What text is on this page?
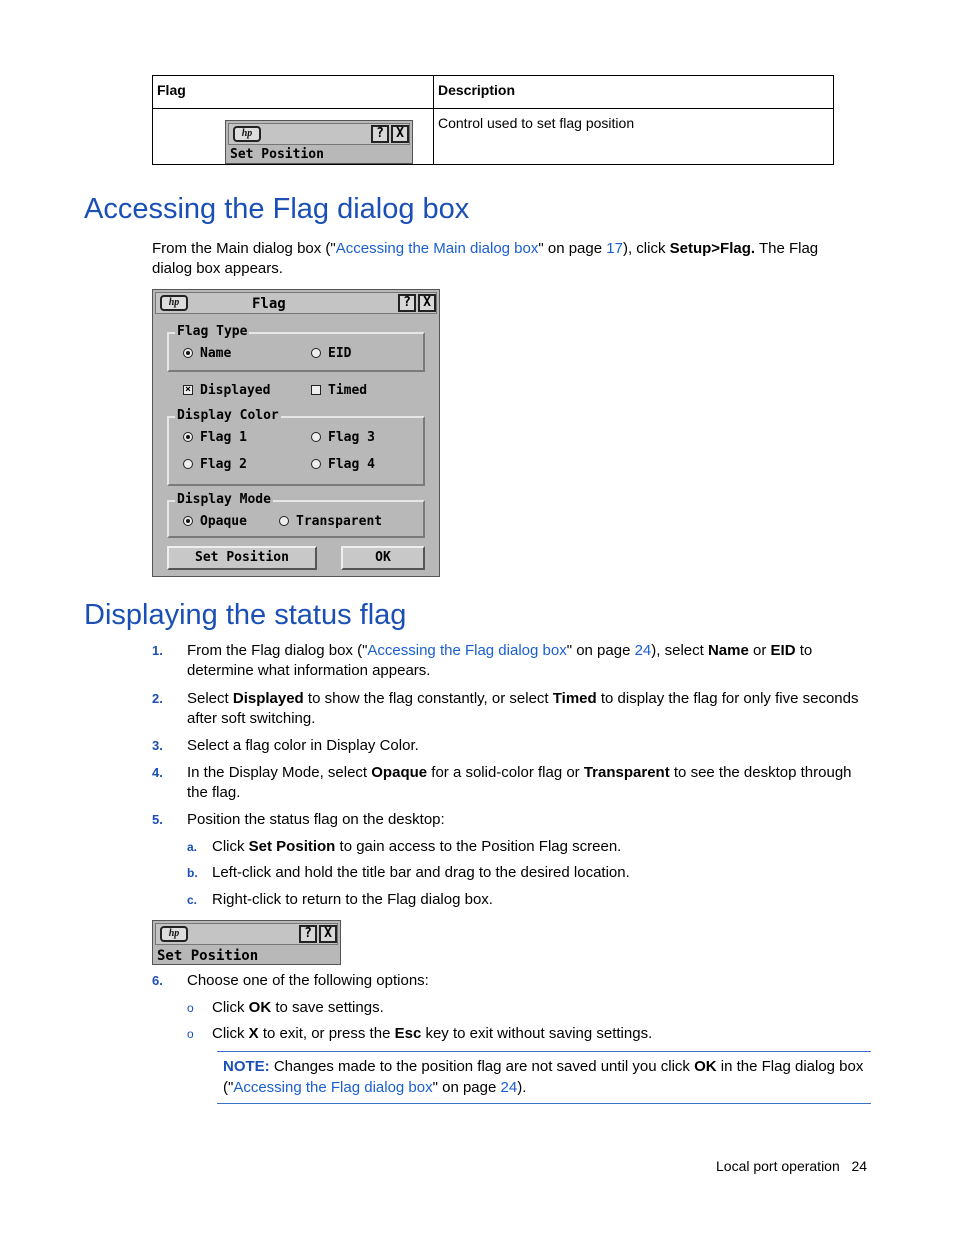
Flag	Description

hp ? X
Set Position	Control used to set flag position
Accessing the Flag dialog box

From the Main dialog box ("Accessing the Main dialog box" on page 17), click Setup>Flag. The Flag dialog box appears.

hp	Flag	? X
Flag Type
Name	EID
× Displayed	Timed
Display Color
Flag 1	Flag 3
Flag 2	Flag 4
Display Mode
Opaque	Transparent
Set Position	OK
Displaying the status flag
1. From the Flag dialog box ("Accessing the Flag dialog box" on page 24), select Name or EID to determine what information appears.
2. Select Displayed to show the flag constantly, or select Timed to display the flag for only five seconds after soft switching.
3. Select a flag color in Display Color.
4. In the Display Mode, select Opaque for a solid-color flag or Transparent to see the desktop through the flag.
5. Position the status flag on the desktop:
a. Click Set Position to gain access to the Position Flag screen.
b. Left-click and hold the title bar and drag to the desired location.
c. Right-click to return to the Flag dialog box.
hp	? X
Set Position
6. Choose one of the following options:
o Click OK to save settings.
o Click X to exit, or press the Esc key to exit without saving settings.
NOTE: Changes made to the position flag are not saved until you click OK in the Flag dialog box ("Accessing the Flag dialog box" on page 24).
Local port operation 24
